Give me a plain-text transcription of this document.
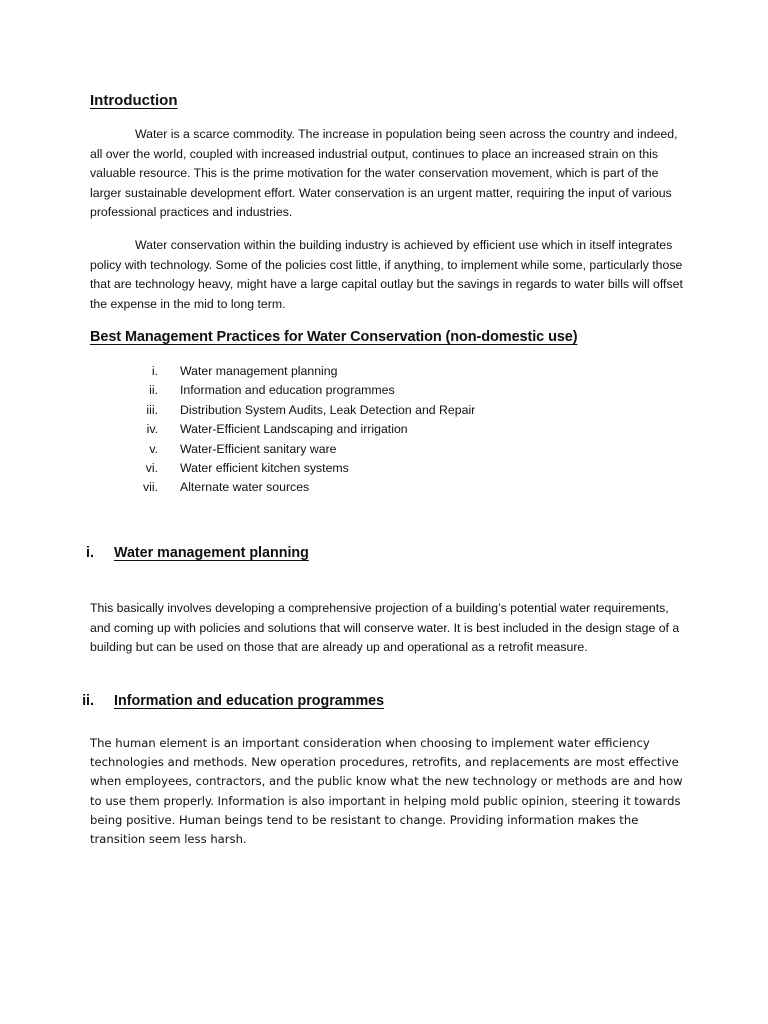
Introduction

Water is a scarce commodity. The increase in population being seen across the country and indeed, all over the world, coupled with increased industrial output, continues to place an increased strain on this valuable resource. This is the prime motivation for the water conservation movement, which is part of the larger sustainable development effort. Water conservation is an urgent matter, requiring the input of various professional practices and industries.

Water conservation within the building industry is achieved by efficient use which in itself integrates policy with technology. Some of the policies cost little, if anything, to implement while some, particularly those that are technology heavy, might have a large capital outlay but the savings in regards to water bills will offset the expense in the mid to long term.

Best Management Practices for Water Conservation (non-domestic use)
i. Water management planning
ii. Information and education programmes
iii. Distribution System Audits, Leak Detection and Repair
iv. Water-Efficient Landscaping and irrigation
v. Water-Efficient sanitary ware
vi. Water efficient kitchen systems
vii. Alternate water sources
i. Water management planning

This basically involves developing a comprehensive projection of a building’s potential water requirements, and coming up with policies and solutions that will conserve water. It is best included in the design stage of a building but can be used on those that are already up and operational as a retrofit measure.

ii. Information and education programmes

The human element is an important consideration when choosing to implement water efficiency technologies and methods. New operation procedures, retrofits, and replacements are most effective when employees, contractors, and the public know what the new technology or methods are and how to use them properly. Information is also important in helping mold public opinion, steering it towards being positive. Human beings tend to be resistant to change. Providing information makes the transition seem less harsh.
